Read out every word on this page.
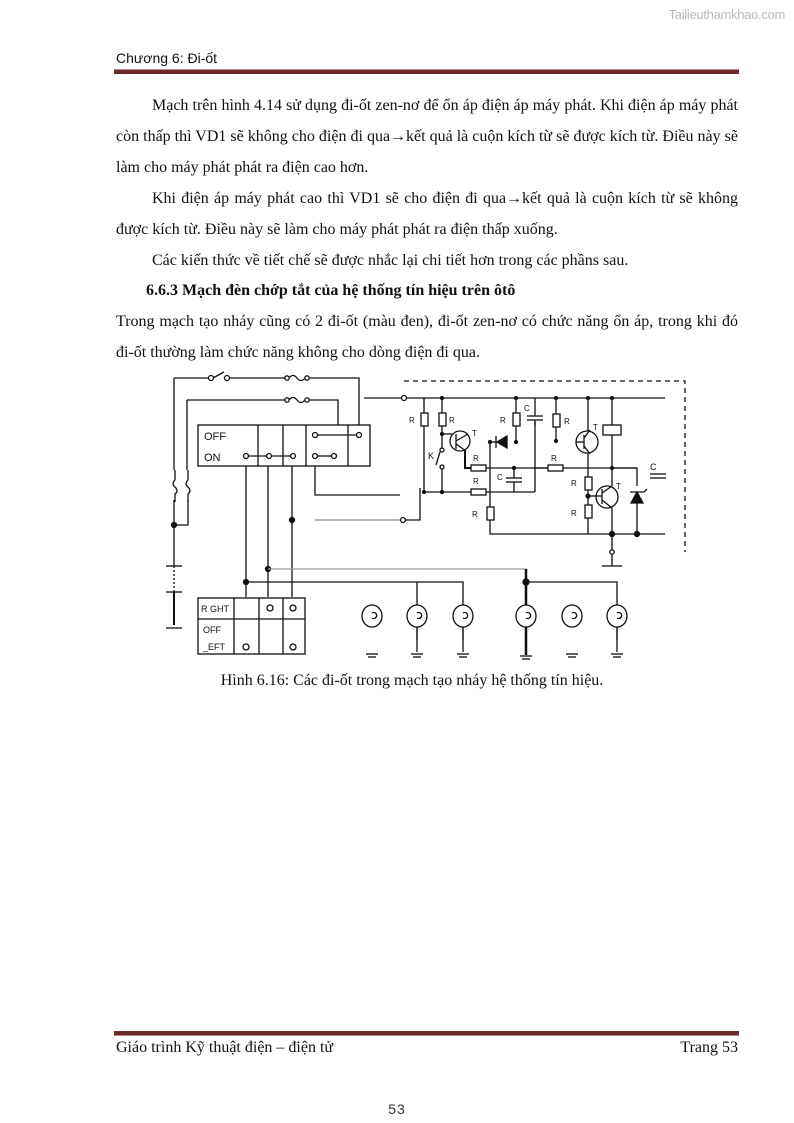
Tailieuthamkhao.com
Chương 6: Đi-ốt

Mạch trên hình 4.14 sử dụng đi-ốt zen-nơ để ổn áp điện áp máy phát. Khi điện áp máy phát còn thấp thì VD1 sẽ không cho điện đi qua→kết quả là cuộn kích từ sẽ được kích từ. Điều này sẽ làm cho máy phát phát ra điện cao hơn.

Khi điện áp máy phát cao thì VD1 sẽ cho điện đi qua→kết quả là cuộn kích từ sẽ không được kích từ. Điều này sẽ làm cho máy phát phát ra điện thấp xuống.

Các kiến thức về tiết chế sẽ được nhắc lại chi tiết hơn trong các phầns sau.

6.6.3 Mạch đèn chớp tắt của hệ thống tín hiệu trên ôtô

Trong mạch tạo nháy cũng có 2 đi-ốt (màu đen), đi-ốt zen-nơ có chức năng ổn áp, trong khi đó đi-ốt thường làm chức năng không cho dòng điện đi qua.

OFF
ON
R GHT
OFF
_EFT
R	R
T
K	R
R C
C
R
R
R
T
R
R
R
T
C
Hình 6.16: Các đi-ốt trong mạch tạo nháy hệ thống tín hiệu.
Giáo trình Kỹ thuật điện – điện tử	Trang 53
53
